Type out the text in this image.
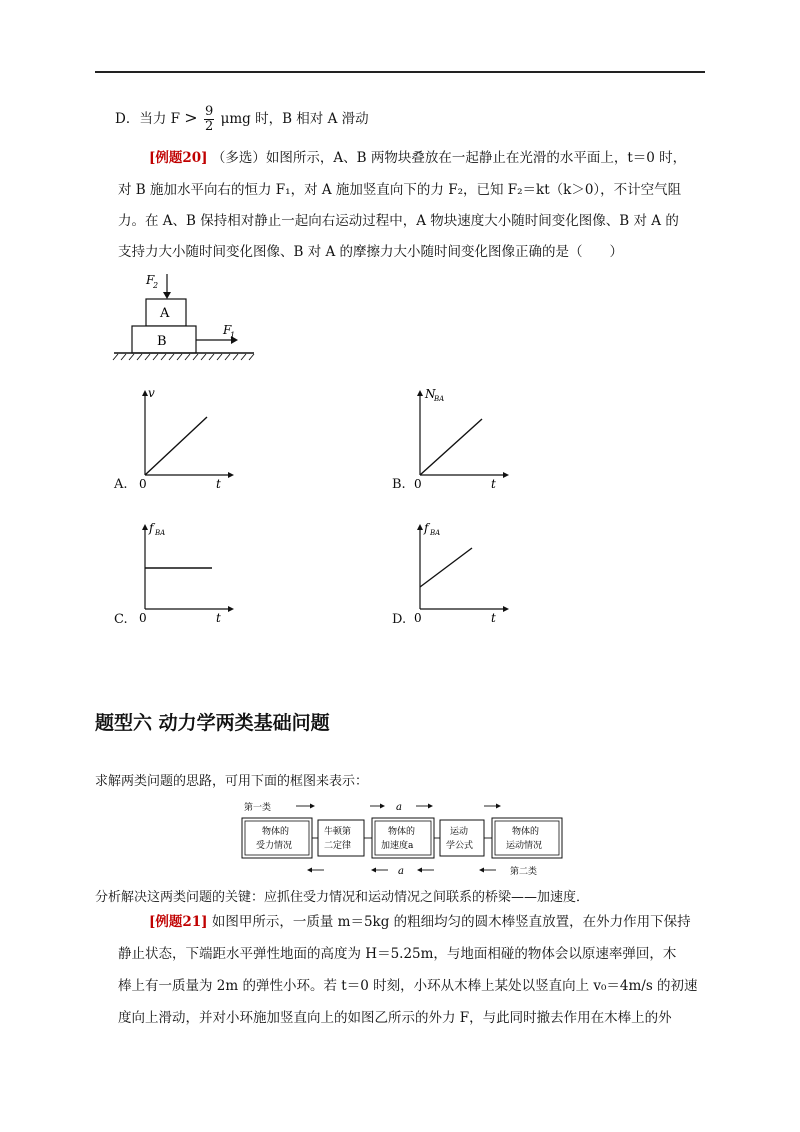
D．当力 $F > \frac{9}{2}$ μmg 时，B 相对 A 滑动
[例题20] （多选）如图所示，A、B 两物块叠放在一起静止在光滑的水平面上，t＝0 时，
对 B 施加水平向右的恒力 F₁，对 A 施加竖直向下的力 F₂，已知 F₂＝kt（k＞0），不计空气阻
力。在 A、B 保持相对静止一起向右运动过程中，A 物块速度大小随时间变化图像、B 对 A 的
支持力大小随时间变化图像、B 对 A 的摩擦力大小随时间变化图像正确的是（　　）
F
2
A
B
F
1
A.
v
0	t	B.
N
BA
0	t
C.
f BA
0	t	D.
f BA
0	t
题型六 动力学两类基础问题
求解两类问题的思路，可用下面的框图来表示：
第一类	a
物体的
受力情况
牛顿第
二定律
物体的
加速度a
运动
学公式
物体的
运动情况
a	第二类
分析解决这两类问题的关键：应抓住受力情况和运动情况之间联系的桥梁——加速度．
[例题21] 如图甲所示，一质量 m＝5kg 的粗细均匀的圆木棒竖直放置，在外力作用下保持
静止状态，下端距水平弹性地面的高度为 H＝5.25m，与地面相碰的物体会以原速率弹回，木
棒上有一质量为 2m 的弹性小环。若 t＝0 时刻，小环从木棒上某处以竖直向上 v₀＝4m/s 的初速
度向上滑动，并对小环施加竖直向上的如图乙所示的外力 F，与此同时撤去作用在木棒上的外
